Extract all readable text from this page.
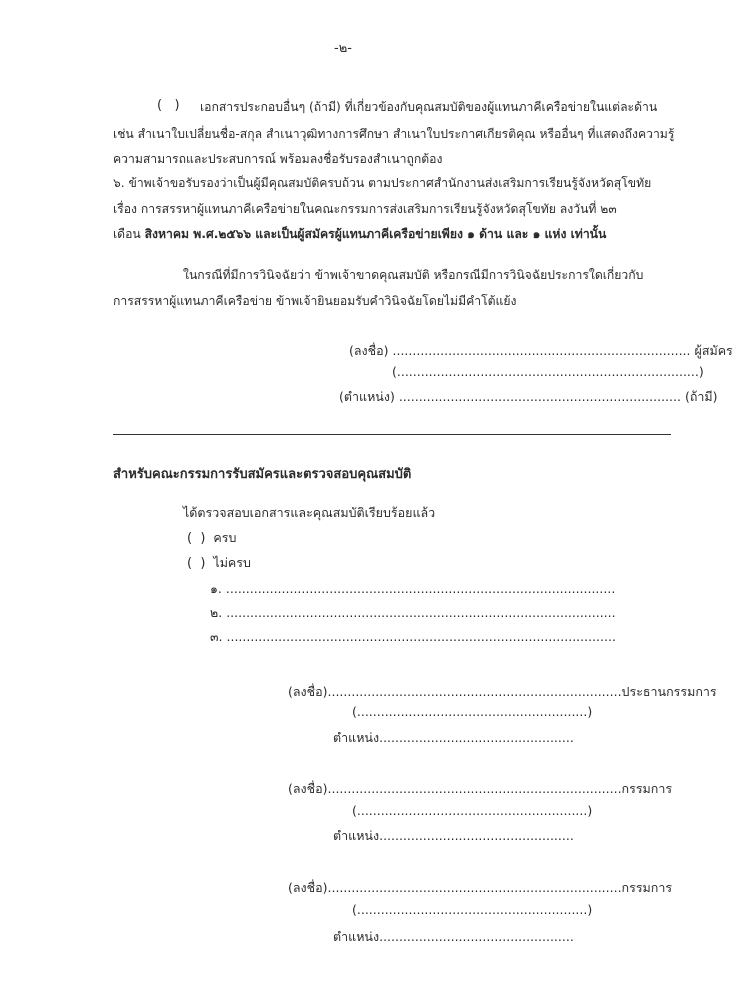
-๒-
(   ) เอกสารประกอบอื่นๆ (ถ้ามี) ที่เกี่ยวข้องกับคุณสมบัติของผู้แทนภาคีเครือข่ายในแต่ละด้าน
เช่น สำเนาใบเปลี่ยนชื่อ-สกุล สำเนาวุฒิทางการศึกษา สำเนาใบประกาศเกียรติคุณ หรืออื่นๆ ที่แสดงถึงความรู้
ความสามารถและประสบการณ์ พร้อมลงชื่อรับรองสำเนาถูกต้อง
๖. ข้าพเจ้าขอรับรองว่าเป็นผู้มีคุณสมบัติครบถ้วน ตามประกาศสำนักงานส่งเสริมการเรียนรู้จังหวัดสุโขทัย
เรื่อง การสรรหาผู้แทนภาคีเครือข่ายในคณะกรรมการส่งเสริมการเรียนรู้จังหวัดสุโขทัย ลงวันที่ ๒๓
เดือน สิงหาคม พ.ศ.๒๕๖๖ และเป็นผู้สมัครผู้แทนภาคีเครือข่ายเพียง ๑ ด้าน และ ๑ แห่ง เท่านั้น
ในกรณีที่มีการวินิจฉัยว่า ข้าพเจ้าขาดคุณสมบัติ หรือกรณีมีการวินิจฉัยประการใดเกี่ยวกับ
การสรรหาผู้แทนภาคีเครือข่าย ข้าพเจ้ายินยอมรับคำวินิจฉัยโดยไม่มีคำโต้แย้ง
(ลงชื่อ) ........................................................................... ผู้สมัคร
(............................................................................)
(ตำแหน่ง) ....................................................................... (ถ้ามี)
สำหรับคณะกรรมการรับสมัครและตรวจสอบคุณสมบัติ
ได้ตรวจสอบเอกสารและคุณสมบัติเรียบร้อยแล้ว
(  ) ครบ
(  ) ไม่ครบ
๑. ..................................................................................................
๒. ..................................................................................................
๓. ..................................................................................................
(ลงชื่อ)..........................................................................ประธานกรรมการ
(..........................................................)
ตำแหน่ง.................................................
(ลงชื่อ)..........................................................................กรรมการ
(..........................................................)
ตำแหน่ง.................................................
(ลงชื่อ)..........................................................................กรรมการ
(..........................................................)
ตำแหน่ง.................................................
